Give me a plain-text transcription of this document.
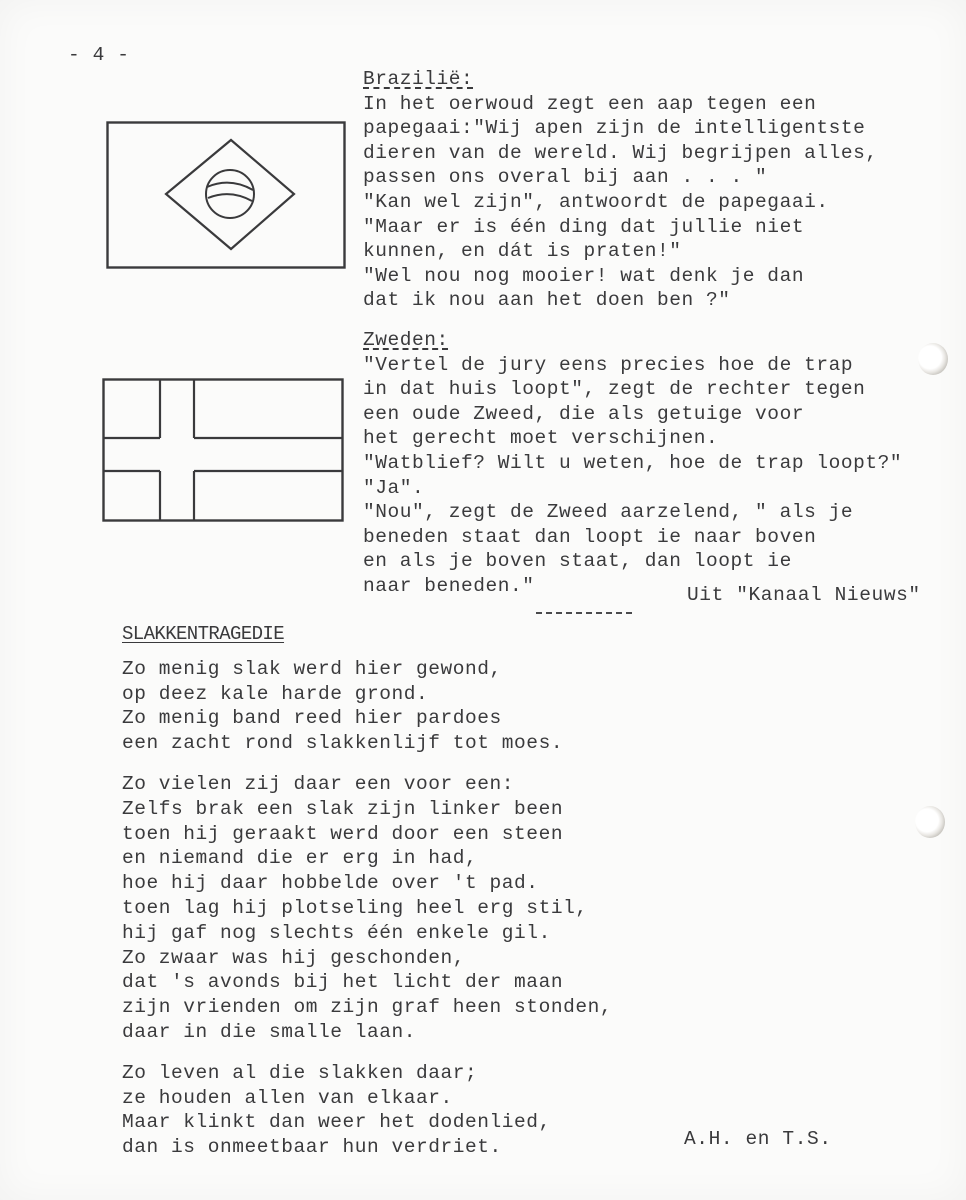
- 4 -
Braziliё:
In het oerwoud zegt een aap tegen een
papegaai:"Wij apen zijn de intelligentste
dieren van de wereld. Wij begrijpen alles,
passen ons overal bij aan . . . "
"Kan wel zijn", antwoordt de papegaai.
"Maar er is één ding dat jullie niet
kunnen, en dát is praten!"
"Wel nou nog mooier! wat denk je dan
dat ik nou aan het doen ben ?"
Zweden:
"Vertel de jury eens precies hoe de trap
in dat huis loopt", zegt de rechter tegen
een oude Zweed, die als getuige voor
het gerecht moet verschijnen.
"Watblief? Wilt u weten, hoe de trap loopt?"
"Ja".
"Nou", zegt de Zweed aarzelend, " als je
beneden staat dan loopt ie naar boven
en als je boven staat, dan loopt ie
naar beneden."	Uit "Kanaal Nieuws"
SLAKKENTRAGEDIE
Zo menig slak werd hier gewond,
op deez kale harde grond.
Zo menig band reed hier pardoes
een zacht rond slakkenlijf tot moes.
Zo vielen zij daar een voor een:
Zelfs brak een slak zijn linker been
toen hij geraakt werd door een steen
en niemand die er erg in had,
hoe hij daar hobbelde over 't pad.
toen lag hij plotseling heel erg stil,
hij gaf nog slechts één enkele gil.
Zo zwaar was hij geschonden,
dat 's avonds bij het licht der maan
zijn vrienden om zijn graf heen stonden,
daar in die smalle laan.
Zo leven al die slakken daar;
ze houden allen van elkaar.
Maar klinkt dan weer het dodenlied,
dan is onmeetbaar hun verdriet.	A.H. en T.S.
